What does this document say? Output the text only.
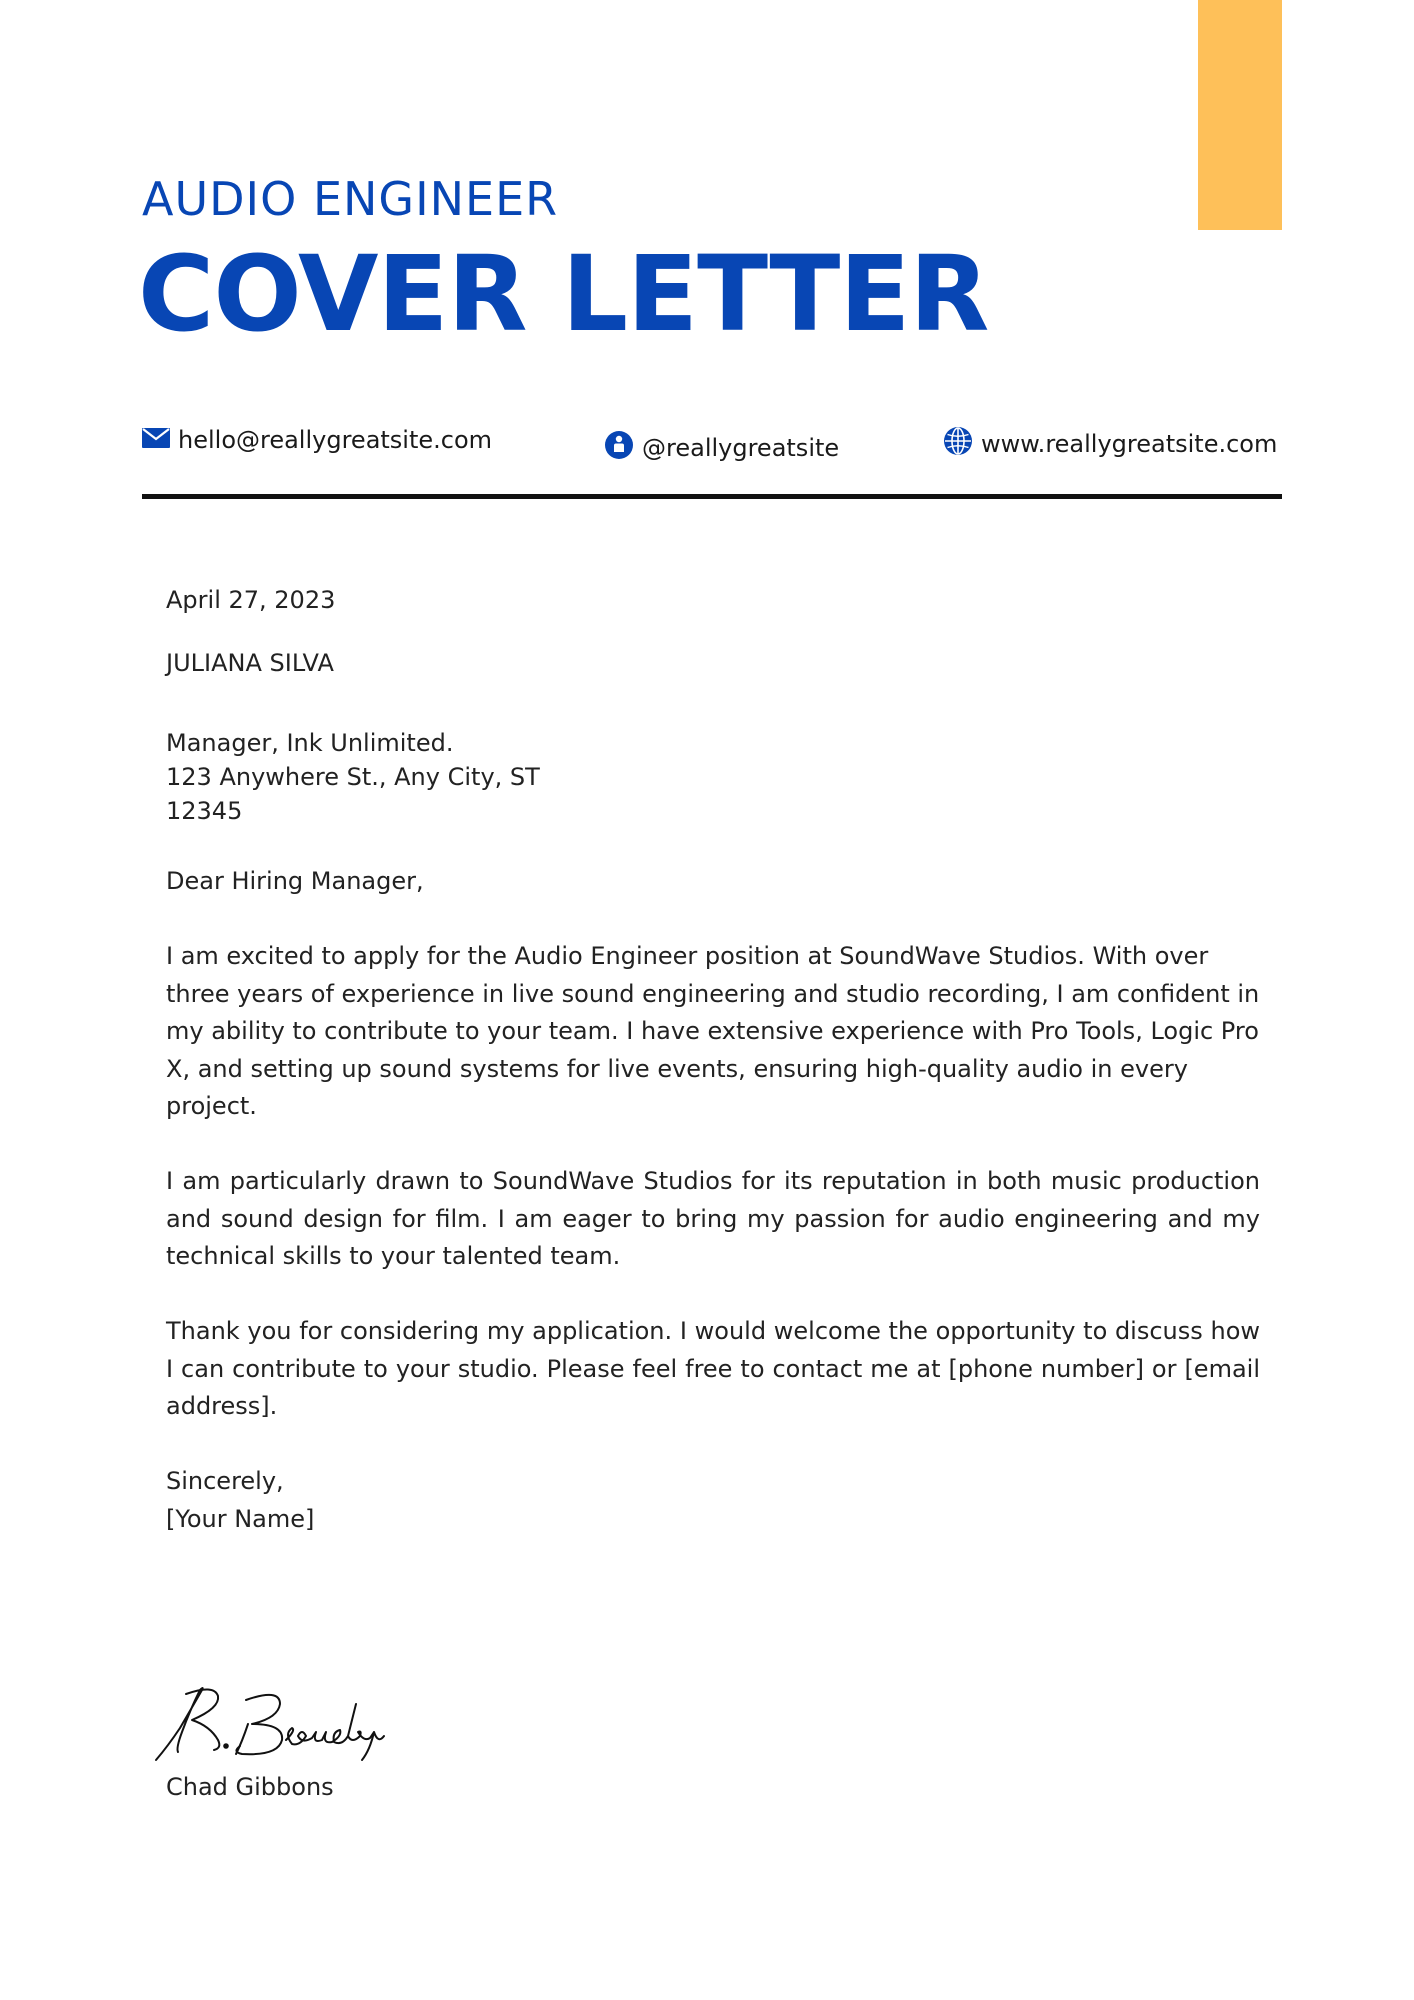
AUDIO ENGINEER
COVER LETTER
hello@reallygreatsite.com	@reallygreatsite	www.reallygreatsite.com
April 27, 2023
JULIANA SILVA
Manager, Ink Unlimited.
123 Anywhere St., Any City, ST
12345
Dear Hiring Manager,
I am excited to apply for the Audio Engineer position at SoundWave Studios. With over three years of experience in live sound engineering and studio recording, I am confident in my ability to contribute to your team. I have extensive experience with Pro Tools, Logic Pro X, and setting up sound systems for live events, ensuring high-quality audio in every project.
I am particularly drawn to SoundWave Studios for its reputation in both music production and sound design for film. I am eager to bring my passion for audio engineering and my technical skills to your talented team.
Thank you for considering my application. I would welcome the opportunity to discuss how I can contribute to your studio. Please feel free to contact me at [phone number] or [email address].
Sincerely,
[Your Name]
Chad Gibbons
